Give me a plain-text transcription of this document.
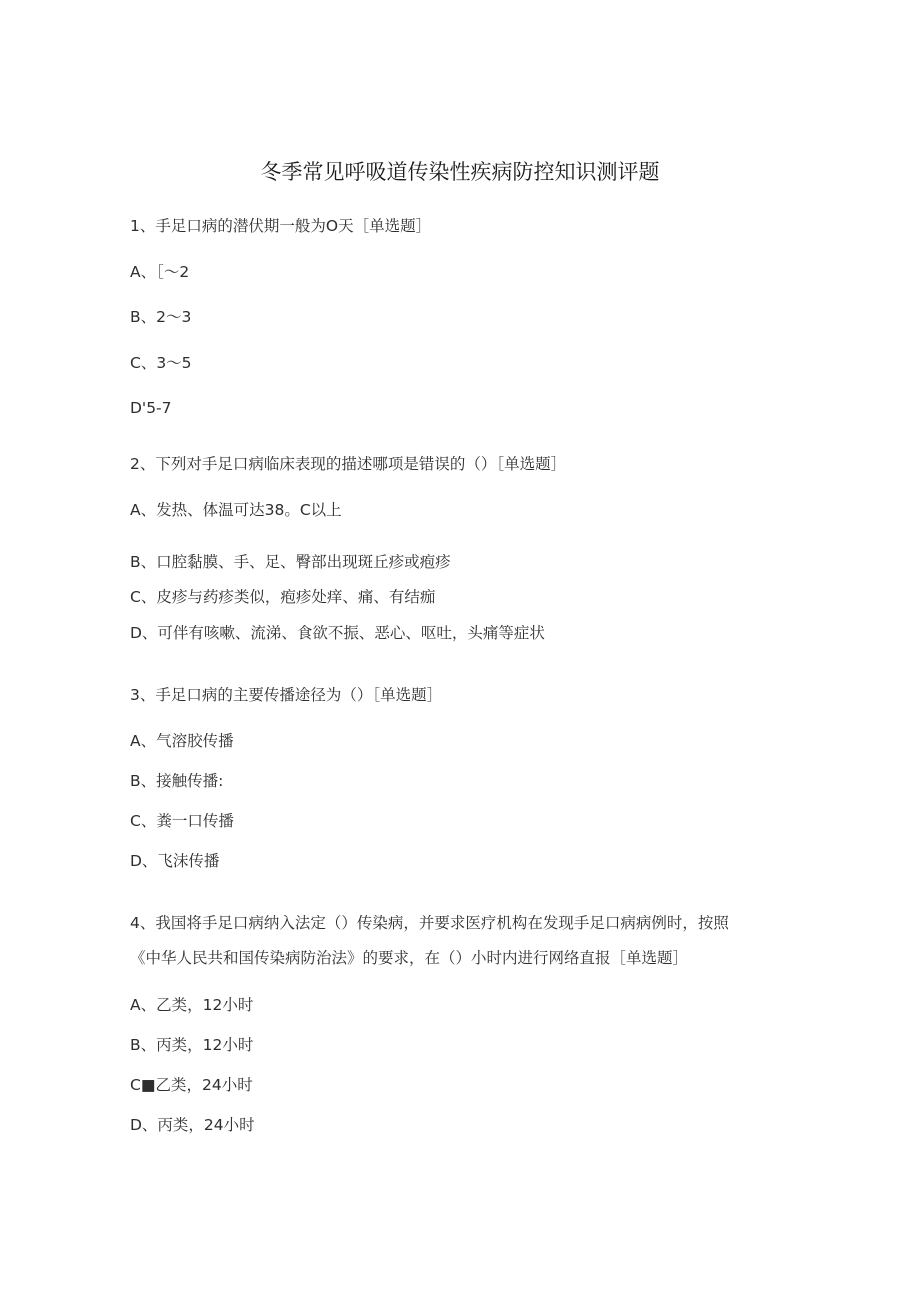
冬季常见呼吸道传染性疾病防控知识测评题
1、手足口病的潜伏期一般为O天［单选题］
A、［～2
B、2〜3
C、3〜5
D'5-7
2、下列对手足口病临床表现的描述哪项是错误的（）［单选题］
A、发热、体温可达38。C以上
B、口腔黏膜、手、足、臀部出现斑丘疹或疱疹
C、皮疹与药疹类似，疱疹处痒、痛、有结痂
D、可伴有咳嗽、流涕、食欲不振、恶心、呕吐，头痛等症状
3、手足口病的主要传播途径为（）［单选题］
A、气溶胶传播
B、接触传播:
C、粪一口传播
D、飞沫传播
4、我国将手足口病纳入法定（）传染病，并要求医疗机构在发现手足口病病例时，按照
《中华人民共和国传染病防治法》的要求，在（）小时内进行网络直报［单选题］
A、乙类，12小时
B、丙类，12小时
C■乙类，24小时
D、丙类，24小时
